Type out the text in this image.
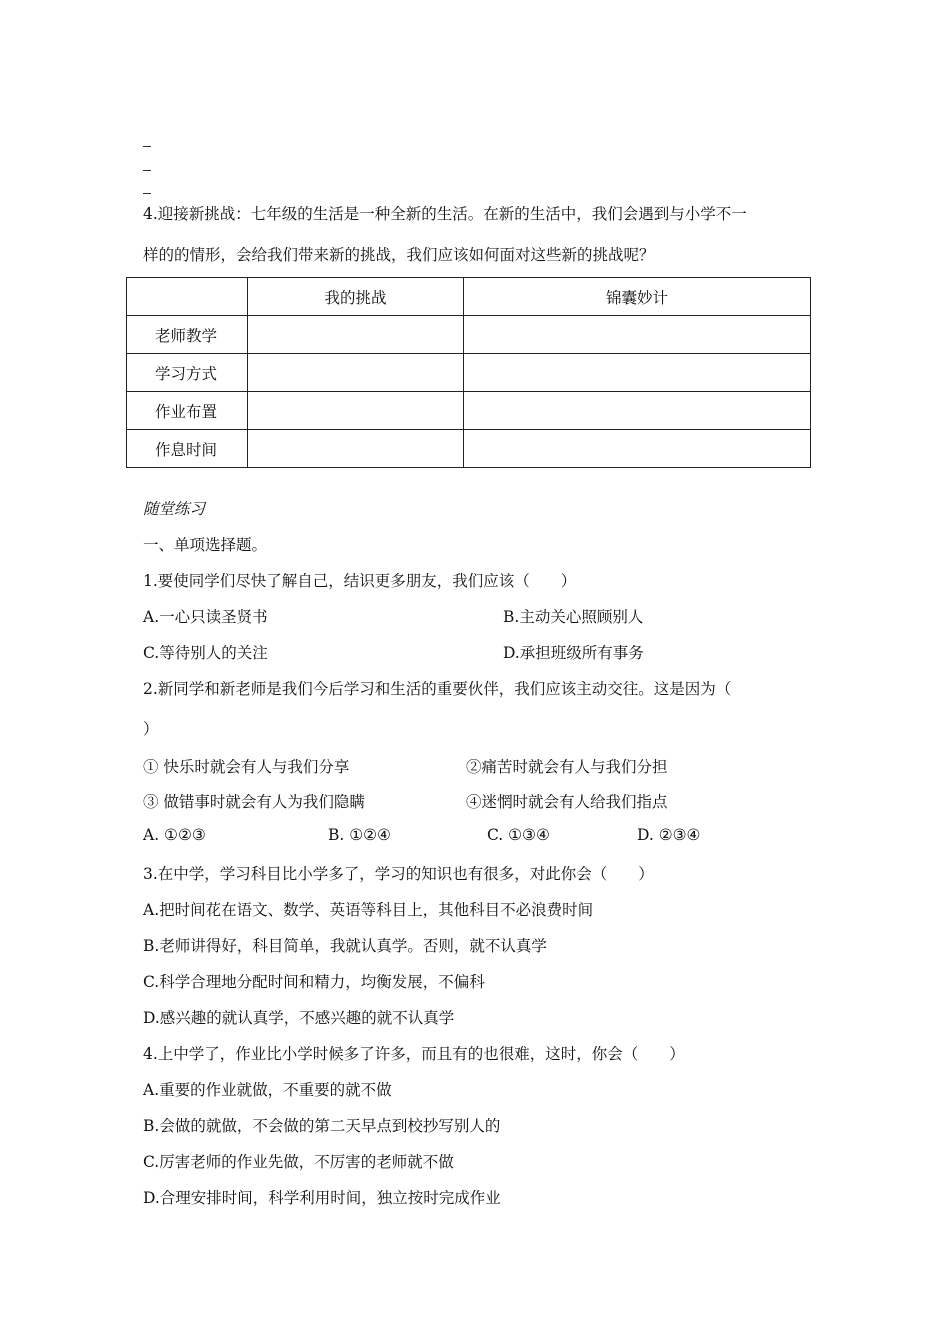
4.迎接新挑战：七年级的生活是一种全新的生活。在新的生活中，我们会遇到与小学不一
样的的情形，会给我们带来新的挑战，我们应该如何面对这些新的挑战呢？
	我的挑战	锦囊妙计
老师教学		
学习方式		
作业布置		
作息时间		
随堂练习
一、单项选择题。
1.要使同学们尽快了解自己，结识更多朋友，我们应该（　　）
A.一心只读圣贤书	B.主动关心照顾别人
C.等待别人的关注	D.承担班级所有事务
2.新同学和新老师是我们今后学习和生活的重要伙伴，我们应该主动交往。这是因为（
）
① 快乐时就会有人与我们分享	②痛苦时就会有人与我们分担
③ 做错事时就会有人为我们隐瞒	④迷惘时就会有人给我们指点
A. ①②③	B. ①②④	C. ①③④	D. ②③④
3.在中学，学习科目比小学多了，学习的知识也有很多，对此你会（　　）
A.把时间花在语文、数学、英语等科目上，其他科目不必浪费时间
B.老师讲得好，科目简单，我就认真学。否则，就不认真学
C.科学合理地分配时间和精力，均衡发展，不偏科
D.感兴趣的就认真学，不感兴趣的就不认真学
4.上中学了，作业比小学时候多了许多，而且有的也很难，这时，你会（　　）
A.重要的作业就做，不重要的就不做
B.会做的就做，不会做的第二天早点到校抄写别人的
C.厉害老师的作业先做，不厉害的老师就不做
D.合理安排时间，科学利用时间，独立按时完成作业
